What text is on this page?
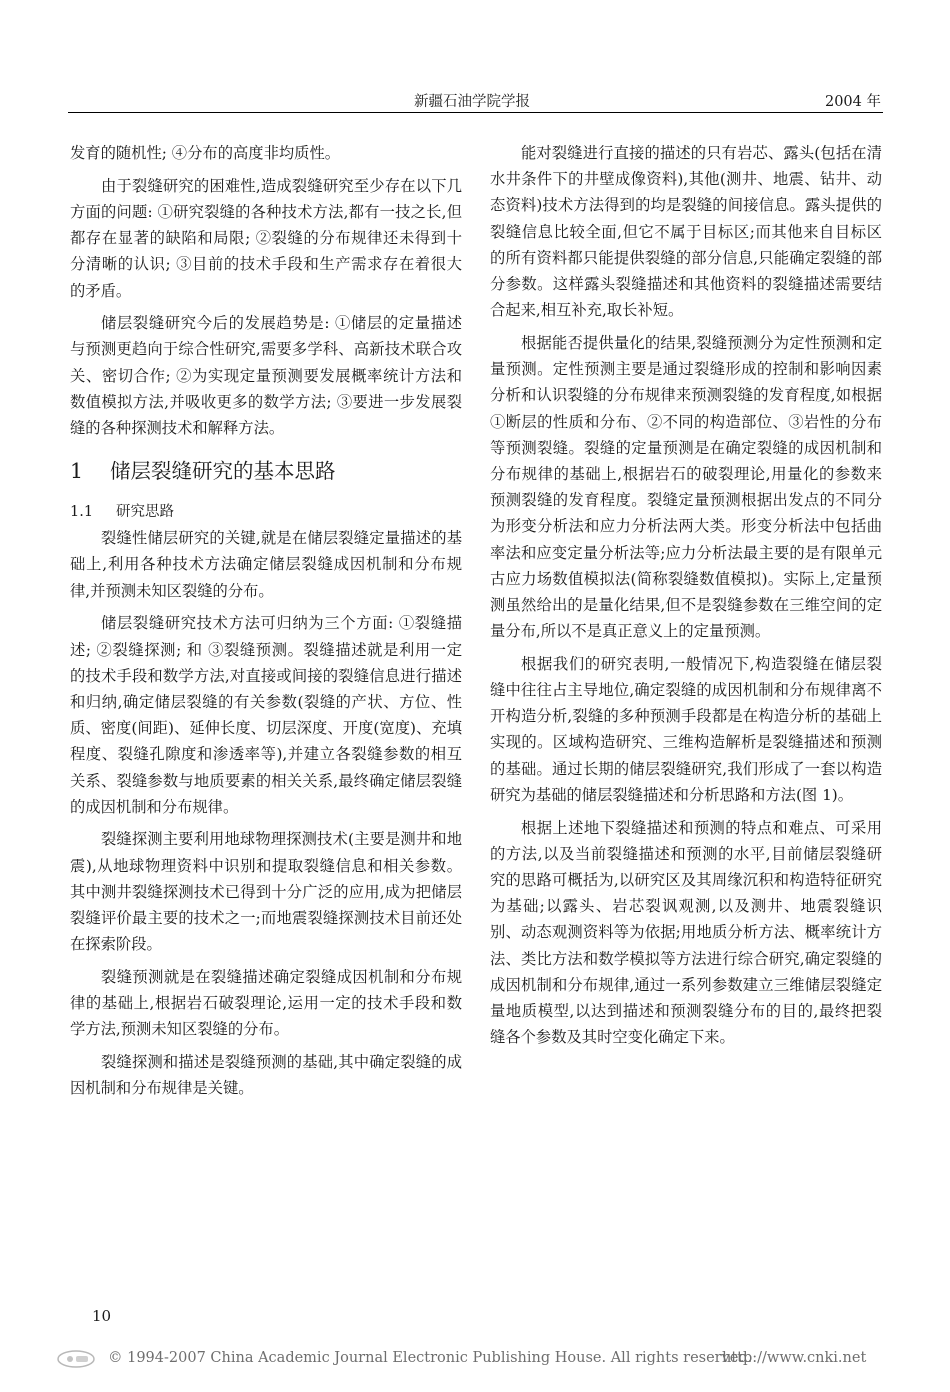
新疆石油学院学报	2004 年

发育的随机性; ④分布的高度非均质性。

由于裂缝研究的困难性,造成裂缝研究至少存在以下几方面的问题: ①研究裂缝的各种技术方法,都有一技之长,但都存在显著的缺陷和局限; ②裂缝的分布规律还未得到十分清晰的认识; ③目前的技术手段和生产需求存在着很大的矛盾。

储层裂缝研究今后的发展趋势是: ①储层的定量描述与预测更趋向于综合性研究,需要多学科、高新技术联合攻关、密切合作; ②为实现定量预测要发展概率统计方法和数值模拟方法,并吸收更多的数学方法; ③要进一步发展裂缝的各种探测技术和解释方法。

1 储层裂缝研究的基本思路
1.1 研究思路

裂缝性储层研究的关键,就是在储层裂缝定量描述的基础上,利用各种技术方法确定储层裂缝成因机制和分布规律,并预测未知区裂缝的分布。

储层裂缝研究技术方法可归纳为三个方面: ①裂缝描述; ②裂缝探测; 和 ③裂缝预测。裂缝描述就是利用一定的技术手段和数学方法,对直接或间接的裂缝信息进行描述和归纳,确定储层裂缝的有关参数(裂缝的产状、方位、性质、密度(间距)、延伸长度、切层深度、开度(宽度)、充填程度、裂缝孔隙度和渗透率等),并建立各裂缝参数的相互关系、裂缝参数与地质要素的相关关系,最终确定储层裂缝的成因机制和分布规律。

裂缝探测主要利用地球物理探测技术(主要是测井和地震),从地球物理资料中识别和提取裂缝信息和相关参数。其中测井裂缝探测技术已得到十分广泛的应用,成为把储层裂缝评价最主要的技术之一;而地震裂缝探测技术目前还处在探索阶段。

裂缝预测就是在裂缝描述确定裂缝成因机制和分布规律的基础上,根据岩石破裂理论,运用一定的技术手段和数学方法,预测未知区裂缝的分布。

裂缝探测和描述是裂缝预测的基础,其中确定裂缝的成因机制和分布规律是关键。

能对裂缝进行直接的描述的只有岩芯、露头(包括在清水井条件下的井壁成像资料),其他(测井、地震、钻井、动态资料)技术方法得到的均是裂缝的间接信息。露头提供的裂缝信息比较全面,但它不属于目标区;而其他来自目标区的所有资料都只能提供裂缝的部分信息,只能确定裂缝的部分参数。这样露头裂缝描述和其他资料的裂缝描述需要结合起来,相互补充,取长补短。

根据能否提供量化的结果,裂缝预测分为定性预测和定量预测。定性预测主要是通过裂缝形成的控制和影响因素分析和认识裂缝的分布规律来预测裂缝的发育程度,如根据 ①断层的性质和分布、②不同的构造部位、③岩性的分布等预测裂缝。裂缝的定量预测是在确定裂缝的成因机制和分布规律的基础上,根据岩石的破裂理论,用量化的参数来预测裂缝的发育程度。裂缝定量预测根据出发点的不同分为形变分析法和应力分析法两大类。形变分析法中包括曲率法和应变定量分析法等;应力分析法最主要的是有限单元古应力场数值模拟法(简称裂缝数值模拟)。实际上,定量预测虽然给出的是量化结果,但不是裂缝参数在三维空间的定量分布,所以不是真正意义上的定量预测。

根据我们的研究表明,一般情况下,构造裂缝在储层裂缝中往往占主导地位,确定裂缝的成因机制和分布规律离不开构造分析,裂缝的多种预测手段都是在构造分析的基础上实现的。区域构造研究、三维构造解析是裂缝描述和预测的基础。通过长期的储层裂缝研究,我们形成了一套以构造研究为基础的储层裂缝描述和分析思路和方法(图 1)。

根据上述地下裂缝描述和预测的特点和难点、可采用的方法,以及当前裂缝描述和预测的水平,目前储层裂缝研究的思路可概括为,以研究区及其周缘沉积和构造特征研究为基础;以露头、岩芯裂讽观测,以及测井、地震裂缝识别、动态观测资料等为依据;用地质分析方法、概率统计方法、类比方法和数学模拟等方法进行综合研究,确定裂缝的成因机制和分布规律,通过一系列参数建立三维储层裂缝定量地质模型,以达到描述和预测裂缝分布的目的,最终把裂缝各个参数及其时空变化确定下来。

10
© 1994-2007 China Academic Journal Electronic Publishing House. All rights reserved.
http://www.cnki.net
